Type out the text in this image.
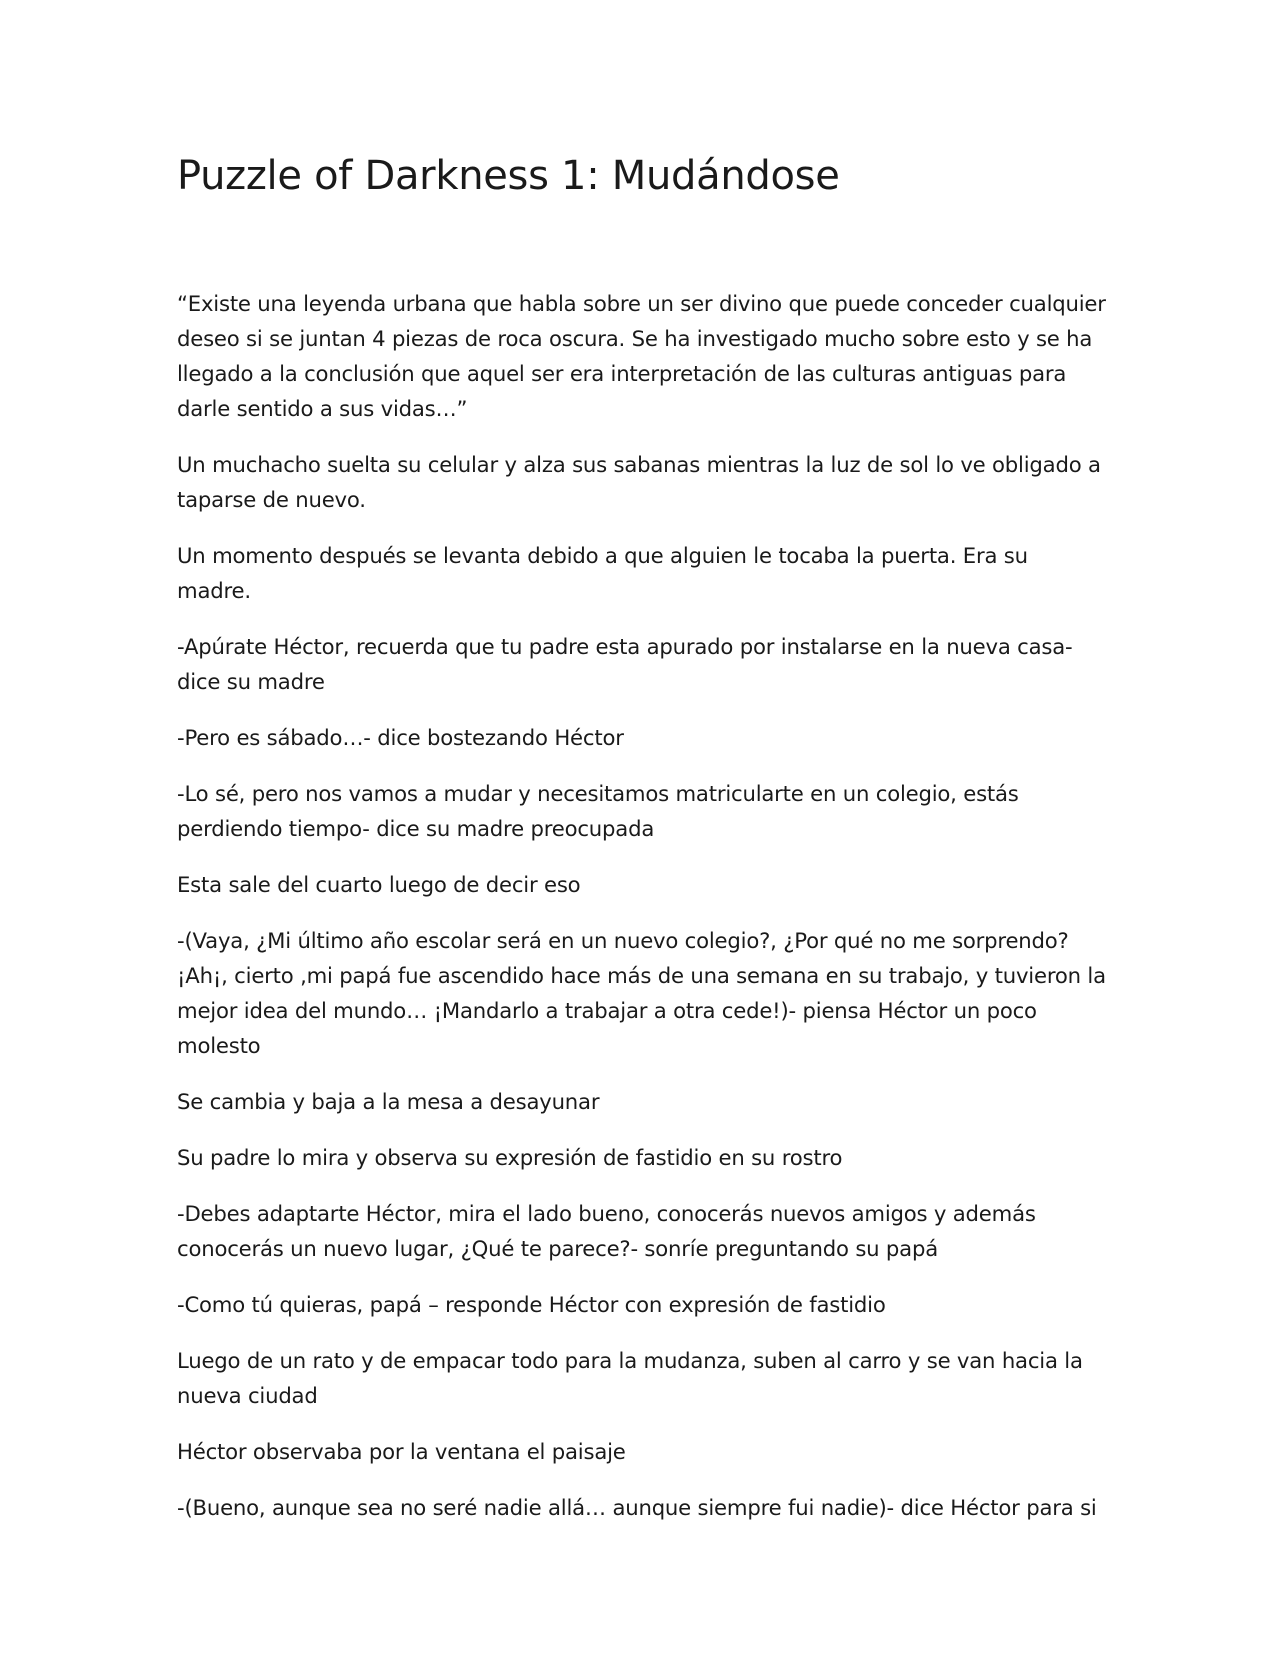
Puzzle of Darkness 1: Mudándose

“Existe una leyenda urbana que habla sobre un ser divino que puede conceder cualquier deseo si se juntan 4 piezas de roca oscura. Se ha investigado mucho sobre esto y se ha llegado a la conclusión que aquel ser era interpretación de las culturas antiguas para darle sentido a sus vidas…”

Un muchacho suelta su celular y alza sus sabanas mientras la luz de sol lo ve obligado a taparse de nuevo.

Un momento después se levanta debido a que alguien le tocaba la puerta. Era su madre.

-Apúrate Héctor, recuerda que tu padre esta apurado por instalarse en la nueva casa- dice su madre

-Pero es sábado…- dice bostezando Héctor

-Lo sé, pero nos vamos a mudar y necesitamos matricularte en un colegio, estás perdiendo tiempo- dice su madre preocupada

Esta sale del cuarto luego de decir eso

-(Vaya, ¿Mi último año escolar será en un nuevo colegio?, ¿Por qué no me sorprendo? ¡Ah¡, cierto ,mi papá fue ascendido hace más de una semana en su trabajo, y tuvieron la mejor idea del mundo… ¡Mandarlo a trabajar a otra cede!)- piensa Héctor un poco molesto

Se cambia y baja a la mesa a desayunar

Su padre lo mira y observa su expresión de fastidio en su rostro

-Debes adaptarte Héctor, mira el lado bueno, conocerás nuevos amigos y además conocerás un nuevo lugar, ¿Qué te parece?- sonríe preguntando su papá

-Como tú quieras, papá – responde Héctor con expresión de fastidio

Luego de un rato y de empacar todo para la mudanza, suben al carro y se van hacia la nueva ciudad

Héctor observaba por la ventana el paisaje

-(Bueno, aunque sea no seré nadie allá… aunque siempre fui nadie)- dice Héctor para si
